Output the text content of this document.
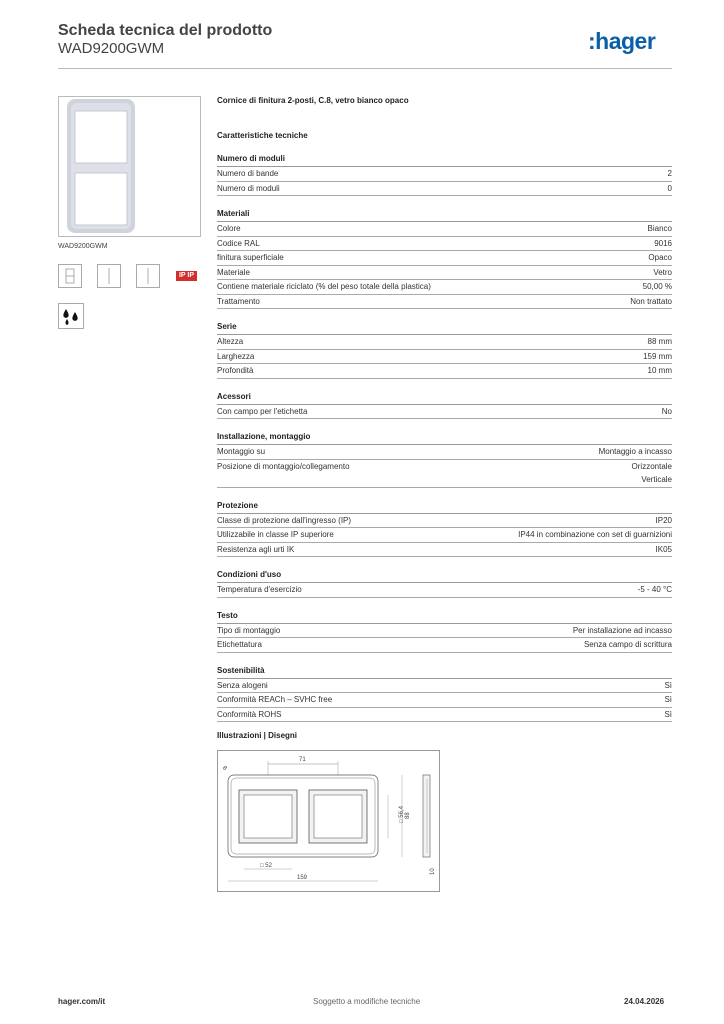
Scheda tecnica del prodotto
WAD9200GWM	:hager
WAD9200GWM
IP IP
Cornice di finitura 2-posti, C.8, vetro bianco opaco
Caratteristiche tecniche
Numero di moduli
Numero di bande	2
Numero di moduli	0
Materiali
Colore	Bianco
Codice RAL	9016
finitura superficiale	Opaco
Materiale	Vetro
Contiene materiale riciclato (% del peso totale della plastica)	50,00 %
Trattamento	Non trattato
Serie
Altezza	88 mm
Larghezza	159 mm
Profondità	10 mm
Acessori
Con campo per l'etichetta	No
Installazione, montaggio
Montaggio su	Montaggio a incasso
Posizione di montaggio/collegamento	Orizzontale
Verticale
Protezione
Classe di protezione dall'ingresso (IP)	IP20
Utilizzabile in classe IP superiore	IP44 in combinazione con set di guarnizioni
Resistenza agli urti IK	IK05
Condizioni d'uso
Temperatura d'esercizio	-5 - 40 °C
Testo
Tipo di montaggio	Per installazione ad incasso
Etichettatura	Senza campo di scrittura
Sostenibilità
Senza alogeni	Sì
Conformità REACh – SVHC free	Sì
Conformità ROHS	Sì
Illustrazioni | Disegni
71
8
□ 56,4 88
□ 52
159
10
hager.com/it	Soggetto a modifiche tecniche	24.04.2026
